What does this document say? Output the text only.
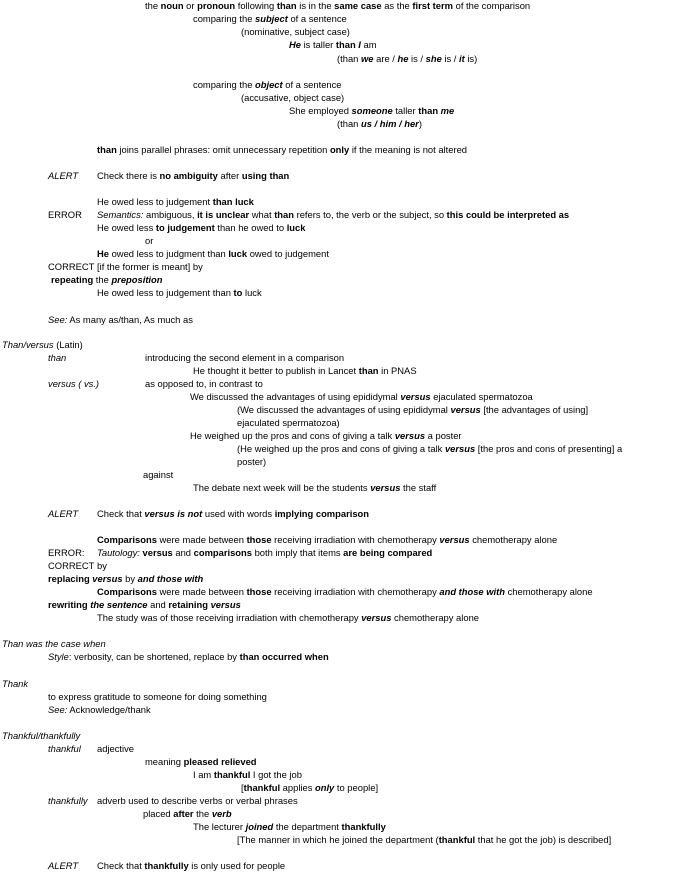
the noun or pronoun following than is in the same case as the first term of the comparison
comparing the subject of a sentence
(nominative, subject case)
He is taller than I am
(than we are / he is / she is / it is)
comparing the object of a sentence
(accusative, object case)
She employed someone taller than me
(than us / him / her)
than joins parallel phrases: omit unnecessary repetition only if the meaning is not altered
ALERT Check there is no ambiguity after using than
He owed less to judgement than luck
ERROR Semantics: ambiguous, it is unclear what than refers to, the verb or the subject, so this could be interpreted as
He owed less to judgement than he owed to luck
or
He owed less to judgment than luck owed to judgement
CORRECT [if the former is meant] by
repeating the preposition
He owed less to judgement than to luck
See: As many as/than, As much as
Than/versus (Latin)
than	introducing the second element in a comparison
He thought it better to publish in Lancet than in PNAS
versus ( vs.)	as opposed to, in contrast to
We discussed the advantages of using epididymal versus ejaculated spermatozoa
(We discussed the advantages of using epididymal versus [the advantages of using]
ejaculated spermatozoa)
He weighed up the pros and cons of giving a talk versus a poster
(He weighed up the pros and cons of giving a talk versus [the pros and cons of presenting] a
poster)
against
The debate next week will be the students versus the staff
ALERT Check that versus is not used with words implying comparison
Comparisons were made between those receiving irradiation with chemotherapy versus chemotherapy alone
ERROR: Tautology: versus and comparisons both imply that items are being compared
CORRECT by
replacing versus by and those with
Comparisons were made between those receiving irradiation with chemotherapy and those with chemotherapy alone
rewriting the sentence and retaining versus
The study was of those receiving irradiation with chemotherapy versus chemotherapy alone
Than was the case when
Style: verbosity, can be shortened, replace by than occurred when
Thank
to express gratitude to someone for doing something
See: Acknowledge/thank
Thankful/thankfully
thankful adjective
meaning pleased relieved
I am thankful I got the job
[thankful applies only to people]
thankfully adverb used to describe verbs or verbal phrases
placed after the verb
The lecturer joined the department thankfully
[The manner in which he joined the department (thankful that he got the job) is described]
ALERT Check that thankfully is only used for people
